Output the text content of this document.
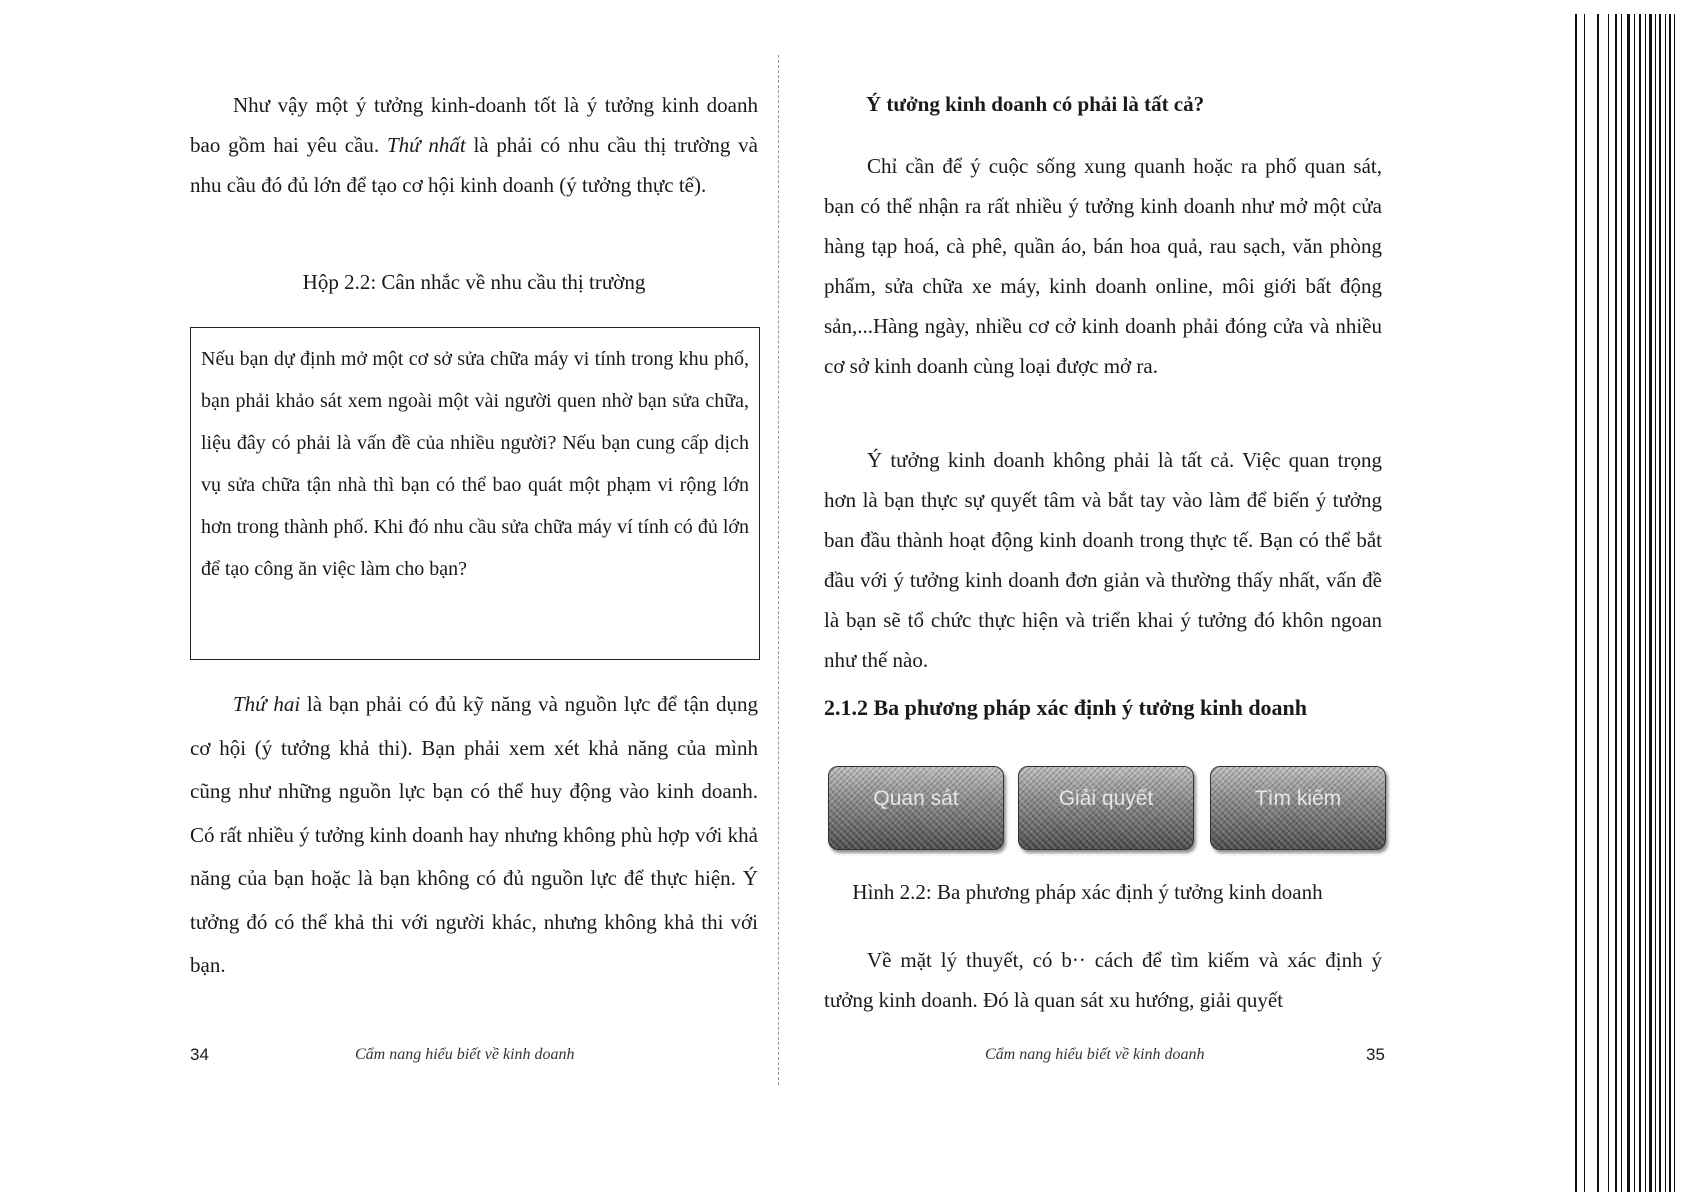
Như vậy một ý tưởng kinh-doanh tốt là ý tưởng kinh doanh bao gồm hai yêu cầu. Thứ nhất là phải có nhu cầu thị trường và nhu cầu đó đủ lớn để tạo cơ hội kinh doanh (ý tưởng thực tế).

Hộp 2.2: Cân nhắc về nhu cầu thị trường

Nếu bạn dự định mở một cơ sở sửa chữa máy vi tính trong khu phố, bạn phải khảo sát xem ngoài một vài người quen nhờ bạn sửa chữa, liệu đây có phải là vấn đề của nhiều người? Nếu bạn cung cấp dịch vụ sửa chữa tận nhà thì bạn có thể bao quát một phạm vi rộng lớn hơn trong thành phố. Khi đó nhu cầu sửa chữa máy ví tính có đủ lớn để tạo công ăn việc làm cho bạn?

Thứ hai là bạn phải có đủ kỹ năng và nguồn lực để tận dụng cơ hội (ý tưởng khả thi). Bạn phải xem xét khả năng của mình cũng như những nguồn lực bạn có thể huy động vào kinh doanh. Có rất nhiều ý tưởng kinh doanh hay nhưng không phù hợp với khả năng của bạn hoặc là bạn không có đủ nguồn lực để thực hiện. Ý tưởng đó có thể khả thi với người khác, nhưng không khả thi với bạn.

34	Cẩm nang hiểu biết về kinh doanh
Ý tưởng kinh doanh có phải là tất cả?

Chỉ cần để ý cuộc sống xung quanh hoặc ra phố quan sát, bạn có thể nhận ra rất nhiều ý tưởng kinh doanh như mở một cửa hàng tạp hoá, cà phê, quần áo, bán hoa quả, rau sạch, văn phòng phẩm, sửa chữa xe máy, kinh doanh online, môi giới bất động sản,...Hàng ngày, nhiều cơ cở kinh doanh phải đóng cửa và nhiều cơ sở kinh doanh cùng loại được mở ra.

Ý tưởng kinh doanh không phải là tất cả. Việc quan trọng hơn là bạn thực sự quyết tâm và bắt tay vào làm để biến ý tưởng ban đầu thành hoạt động kinh doanh trong thực tế. Bạn có thể bắt đầu với ý tưởng kinh doanh đơn giản và thường thấy nhất, vấn đề là bạn sẽ tổ chức thực hiện và triển khai ý tưởng đó khôn ngoan như thế nào.

2.1.2 Ba phương pháp xác định ý tưởng kinh doanh
Quan sát	Giải quyết	Tìm kiếm
Hình 2.2: Ba phương pháp xác định ý tưởng kinh doanh

Về mặt lý thuyết, có b·· cách để tìm kiếm và xác định ý tưởng kinh doanh. Đó là quan sát xu hướng, giải quyết

Cẩm nang hiểu biết về kinh doanh	35
